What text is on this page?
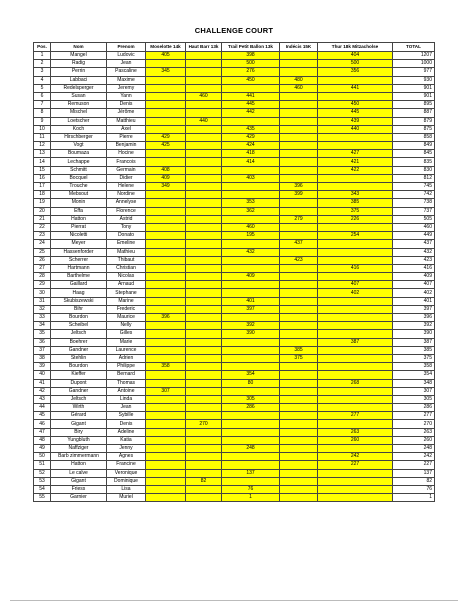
CHALLENGE COURT
Pos.	Nom	Prenom	Moselotte 14k	Haut Barr 13k	Trail Petit Ballon 13k	Indécis 15K	Thur 18k Mitzacholse	TOTAL
1	Mangel	Ludovic	405		398		404	1207
2	Radig	Jean			500		500	1000
3	Perrin	Pascaline	345		276		356	977
4	Labbaci	Maxime			450	480		930
5	Redelsperger	Jeremy				460	441	901
6	Susan	Yann		460	441			901
7	Remuson	Denis			445		450	895
8	Mischel	Jérôme			442		445	887
9	Loetscher	Matthieu		440			439	879
10	Koch	Axel			435		440	875
11	Hirschberger	Pierre	429		429			858
12	Vogt	Benjamin	425		424			849
13	Boumaza	Hocine			418		427	845
14	Lechappe	Francois			414		421	835
15	Schmitt	Germain	408				422	830
16	Bocquel	Didier	409		403			812
17	Trouche	Helene	349			396		745
18	Mebsout	Nordine				399	343	742
19	Monin	Annelyse			353		385	738
20	Effa	Florence			362		375	737
21	Hatton	Astrid				279	226	505
22	Pierrat	Tony			460			460
23	Nicoletti	Donato			195		254	449
24	Meyer	Emeline				437		437
25	Hassenforder	Mathieu			432			432
26	Scherrer	Thibaut				423		423
27	Hartmann	Christian					416	416
28	Barthelme	Nicolas			409			409
29	Gaillard	Arnaud					407	407
30	Haag	Stephane					402	402
31	Skubiszewski	Marine			401			401
32	Bihr	Frederic			397			397
33	Bourdon	Maurice	396					396
34	Scheibel	Nelly			392			392
35	Jeltsch	Gilles			390			390
36	Boehrer	Marie					387	387
37	Gandner	Laurence				385		385
38	Stehlin	Adrien				375		375
39	Bourdon	Philippe	358					358
40	Kieffer	Bernard			354			354
41	Dupont	Thomas			80		268	348
42	Gandner	Antoine	307					307
43	Jeltsch	Linda			305			305
44	Wirth	Jean			286			286
45	Gérard	Sybille					277	277
46	Gigant	Denis		270				270
47	Biry	Adeline					263	263
48	Yungbluth	Katia					260	260
49	Naffziger	Jenny			248			248
50	Barb zimmermann	Agnes					242	242
51	Hatton	Francine					227	227
52	Le calve	Veronique			137			137
53	Gigant	Dominique		82				82
54	Friess	Lisa			76			76
55	Garnier	Muriel			1			1
